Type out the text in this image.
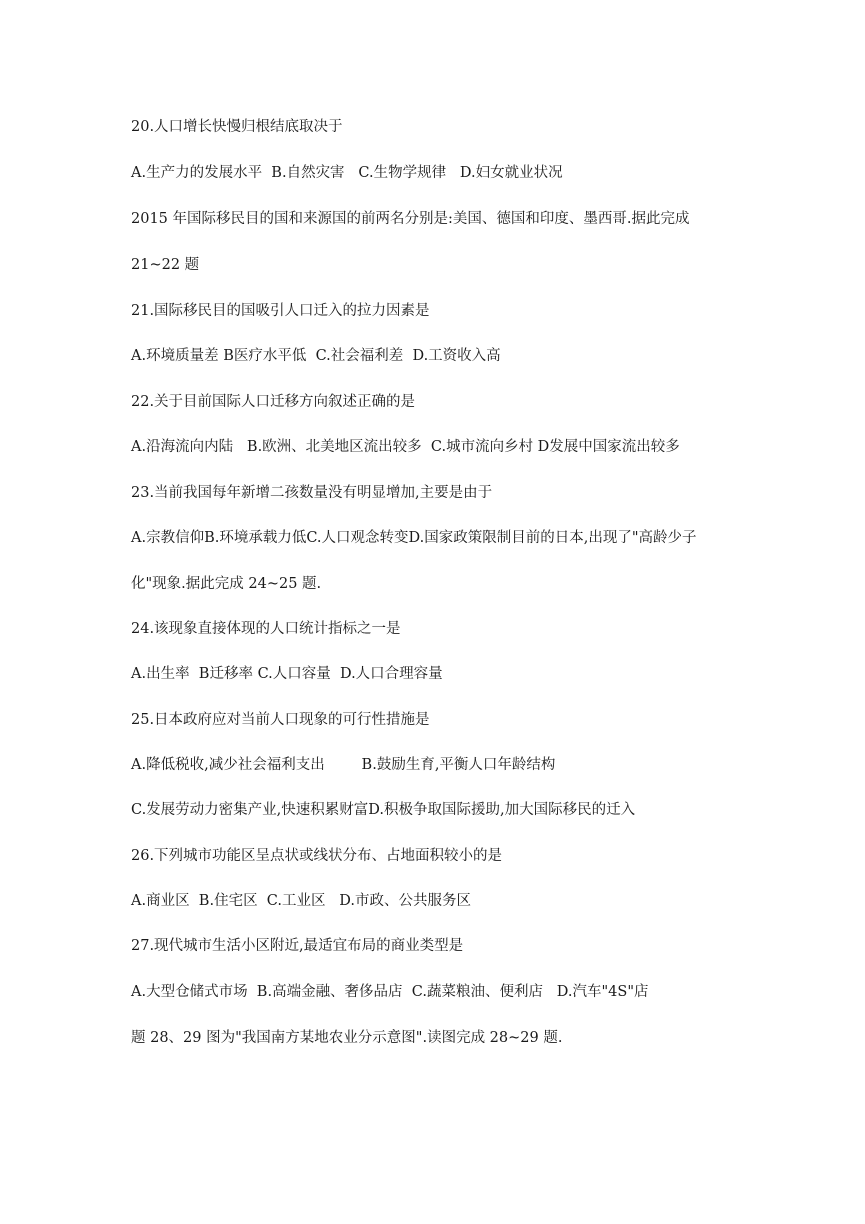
20.人口增长快慢归根结底取决于
A.生产力的发展水平  B.自然灾害   C.生物学规律   D.妇女就业状况
2015 年国际移民目的国和来源国的前两名分别是:美国、德国和印度、墨西哥.据此完成
21~22 题
21.国际移民目的国吸引人口迁入的拉力因素是
A.环境质量差 B医疗水平低  C.社会福利差  D.工资收入高
22.关于目前国际人口迁移方向叙述正确的是
A.沿海流向内陆   B.欧洲、北美地区流出较多  C.城市流向乡村 D发展中国家流出较多
23.当前我国每年新增二孩数量没有明显增加,主要是由于
A.宗教信仰B.环境承载力低C.人口观念转变D.国家政策限制目前的日本,出现了"高龄少子
化"现象.据此完成 24~25 题.
24.该现象直接体现的人口统计指标之一是
A.出生率  B迁移率 C.人口容量  D.人口合理容量
25.日本政府应对当前人口现象的可行性措施是
A.降低税收,减少社会福利支出        B.鼓励生育,平衡人口年龄结构
C.发展劳动力密集产业,快速积累财富D.积极争取国际援助,加大国际移民的迁入
26.下列城市功能区呈点状或线状分布、占地面积较小的是
A.商业区  B.住宅区  C.工业区   D.市政、公共服务区
27.现代城市生活小区附近,最适宜布局的商业类型是
A.大型仓储式市场  B.高端金融、奢侈品店  C.蔬菜粮油、便利店   D.汽车"4S"店
题 28、29 图为"我国南方某地农业分示意图".读图完成 28~29 题.
